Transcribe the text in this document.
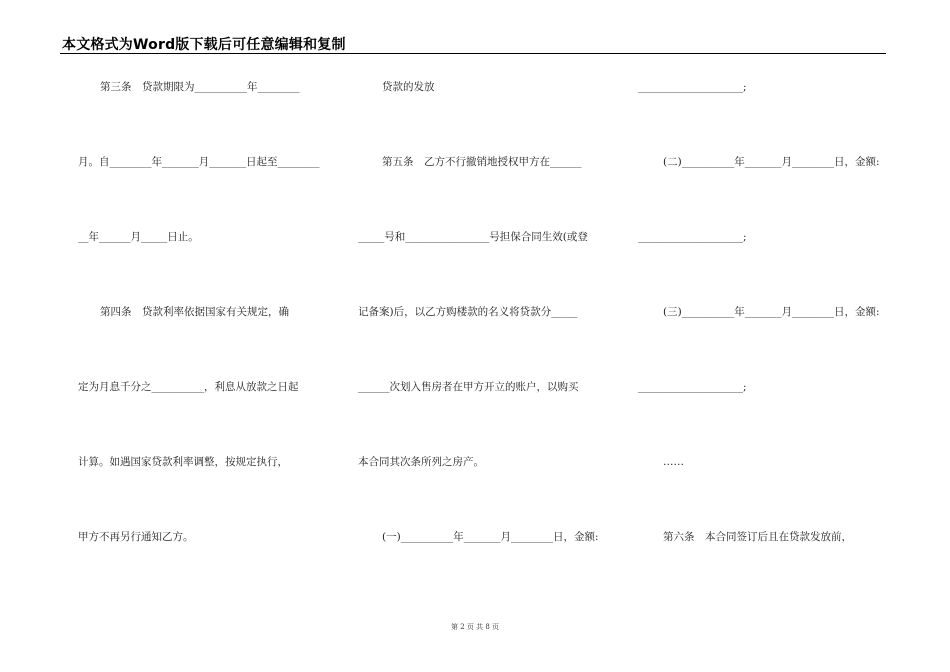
本文格式为Word版下载后可任意编辑和复制
第三条　贷款期限为__________年________
月。自________年_______月_______日起至________
__年______月_____日止。
第四条　贷款利率依据国家有关规定，确
定为月息千分之__________，利息从放款之日起
计算。如遇国家贷款利率调整，按规定执行，
甲方不再另行通知乙方。
贷款的发放
第五条　乙方不行撤销地授权甲方在______
_____号和________________号担保合同生效(或登
记备案)后，以乙方购楼款的名义将贷款分_____
______次划入售房者在甲方开立的账户，以购买
本合同其次条所列之房产。
(一)__________年_______月________日，金额:
____________________;
(二)__________年_______月________日，金额:
____________________;
(三)__________年_______月________日，金额:
____________________;
……
第六条　本合同签订后且在贷款发放前，
第 2 页 共 8 页
